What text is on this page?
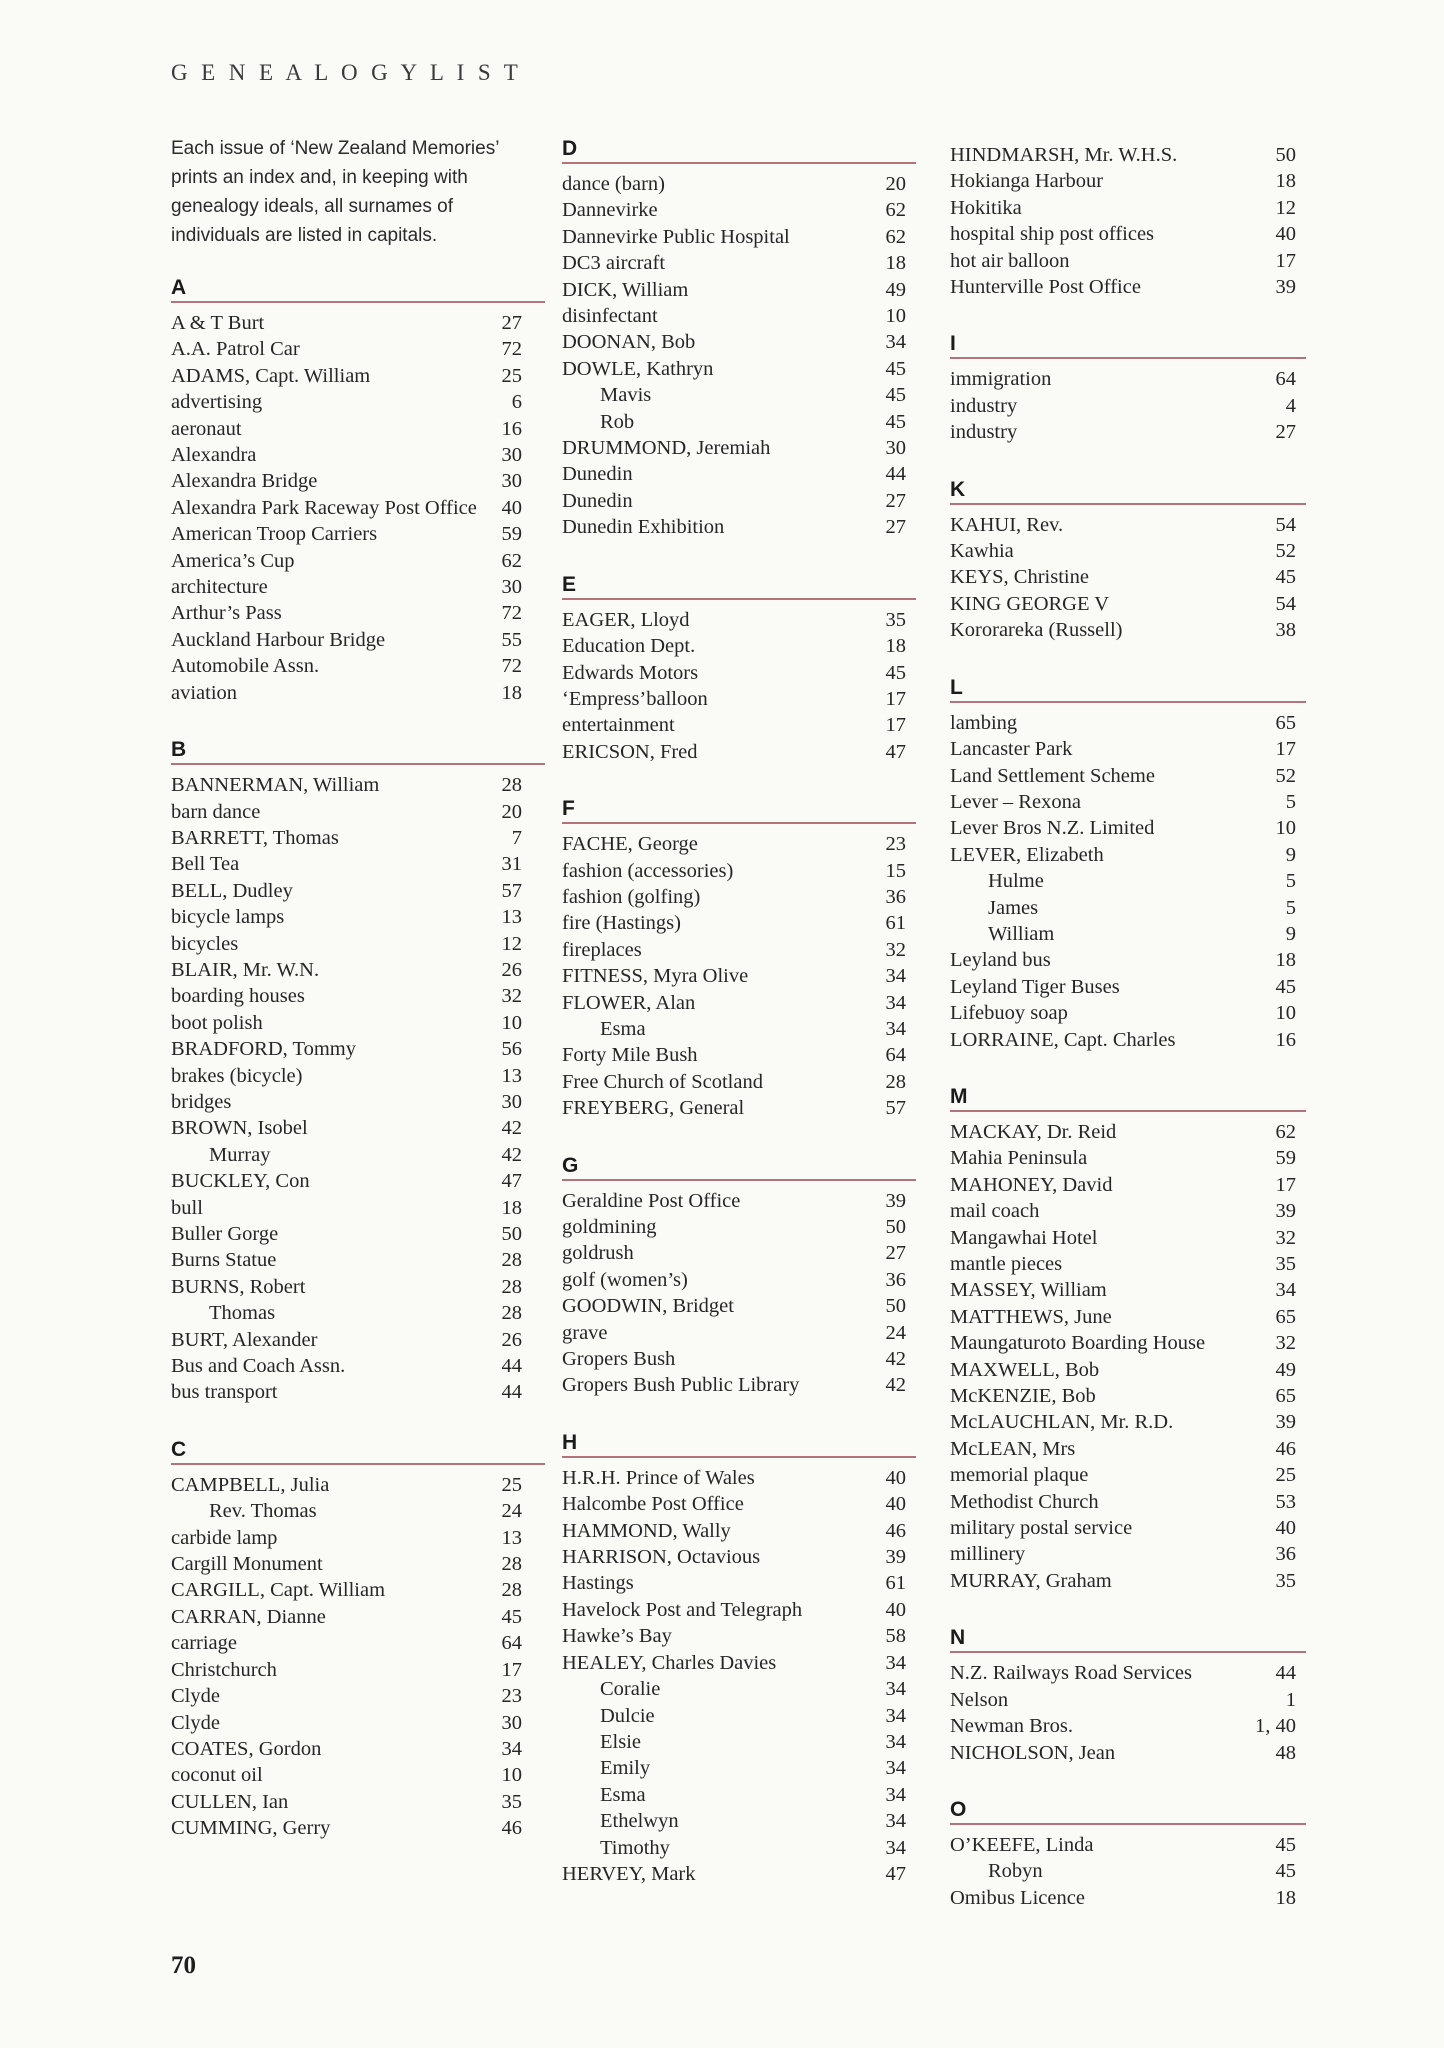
G E N E A L O G Y L I S T
Each issue of ‘New Zealand Memories’ prints an index and, in keeping with genealogy ideals, all surnames of individuals are listed in capitals.
A
A & T Burt	27
A.A. Patrol Car	72
ADAMS, Capt. William	25
advertising	6
aeronaut	16
Alexandra	30
Alexandra Bridge	30
Alexandra Park Raceway Post Office	40
American Troop Carriers	59
America’s Cup	62
architecture	30
Arthur’s Pass	72
Auckland Harbour Bridge	55
Automobile Assn.	72
aviation	18
B
BANNERMAN, William	28
barn dance	20
BARRETT, Thomas	7
Bell Tea	31
BELL, Dudley	57
bicycle lamps	13
bicycles	12
BLAIR, Mr. W.N.	26
boarding houses	32
boot polish	10
BRADFORD, Tommy	56
brakes (bicycle)	13
bridges	30
BROWN, Isobel	42
Murray	42
BUCKLEY, Con	47
bull	18
Buller Gorge	50
Burns Statue	28
BURNS, Robert	28
Thomas	28
BURT, Alexander	26
Bus and Coach Assn.	44
bus transport	44
C
CAMPBELL, Julia	25
Rev. Thomas	24
carbide lamp	13
Cargill Monument	28
CARGILL, Capt. William	28
CARRAN, Dianne	45
carriage	64
Christchurch	17
Clyde	23
Clyde	30
COATES, Gordon	34
coconut oil	10
CULLEN, Ian	35
CUMMING, Gerry	46
D
dance (barn)	20
Dannevirke	62
Dannevirke Public Hospital	62
DC3 aircraft	18
DICK, William	49
disinfectant	10
DOONAN, Bob	34
DOWLE, Kathryn	45
Mavis	45
Rob	45
DRUMMOND, Jeremiah	30
Dunedin	44
Dunedin	27
Dunedin Exhibition	27
E
EAGER, Lloyd	35
Education Dept.	18
Edwards Motors	45
‘Empress’balloon	17
entertainment	17
ERICSON, Fred	47
F
FACHE, George	23
fashion (accessories)	15
fashion (golfing)	36
fire (Hastings)	61
fireplaces	32
FITNESS, Myra Olive	34
FLOWER, Alan	34
Esma	34
Forty Mile Bush	64
Free Church of Scotland	28
FREYBERG, General	57
G
Geraldine Post Office	39
goldmining	50
goldrush	27
golf (women’s)	36
GOODWIN, Bridget	50
grave	24
Gropers Bush	42
Gropers Bush Public Library	42
H
H.R.H. Prince of Wales	40
Halcombe Post Office	40
HAMMOND, Wally	46
HARRISON, Octavious	39
Hastings	61
Havelock Post and Telegraph	40
Hawke’s Bay	58
HEALEY, Charles Davies	34
Coralie	34
Dulcie	34
Elsie	34
Emily	34
Esma	34
Ethelwyn	34
Timothy	34
HERVEY, Mark	47
HINDMARSH, Mr. W.H.S.	50
Hokianga Harbour	18
Hokitika	12
hospital ship post offices	40
hot air balloon	17
Hunterville Post Office	39
I
immigration	64
industry	4
industry	27
K
KAHUI, Rev.	54
Kawhia	52
KEYS, Christine	45
KING GEORGE V	54
Kororareka (Russell)	38
L
lambing	65
Lancaster Park	17
Land Settlement Scheme	52
Lever – Rexona	5
Lever Bros N.Z. Limited	10
LEVER, Elizabeth	9
Hulme	5
James	5
William	9
Leyland bus	18
Leyland Tiger Buses	45
Lifebuoy soap	10
LORRAINE, Capt. Charles	16
M
MACKAY, Dr. Reid	62
Mahia Peninsula	59
MAHONEY, David	17
mail coach	39
Mangawhai Hotel	32
mantle pieces	35
MASSEY, William	34
MATTHEWS, June	65
Maungaturoto Boarding House	32
MAXWELL, Bob	49
McKENZIE, Bob	65
McLAUCHLAN, Mr. R.D.	39
McLEAN, Mrs	46
memorial plaque	25
Methodist Church	53
military postal service	40
millinery	36
MURRAY, Graham	35
N
N.Z. Railways Road Services	44
Nelson	1
Newman Bros.	1, 40
NICHOLSON, Jean	48
O
O’KEEFE, Linda	45
Robyn	45
Omibus Licence	18
70
